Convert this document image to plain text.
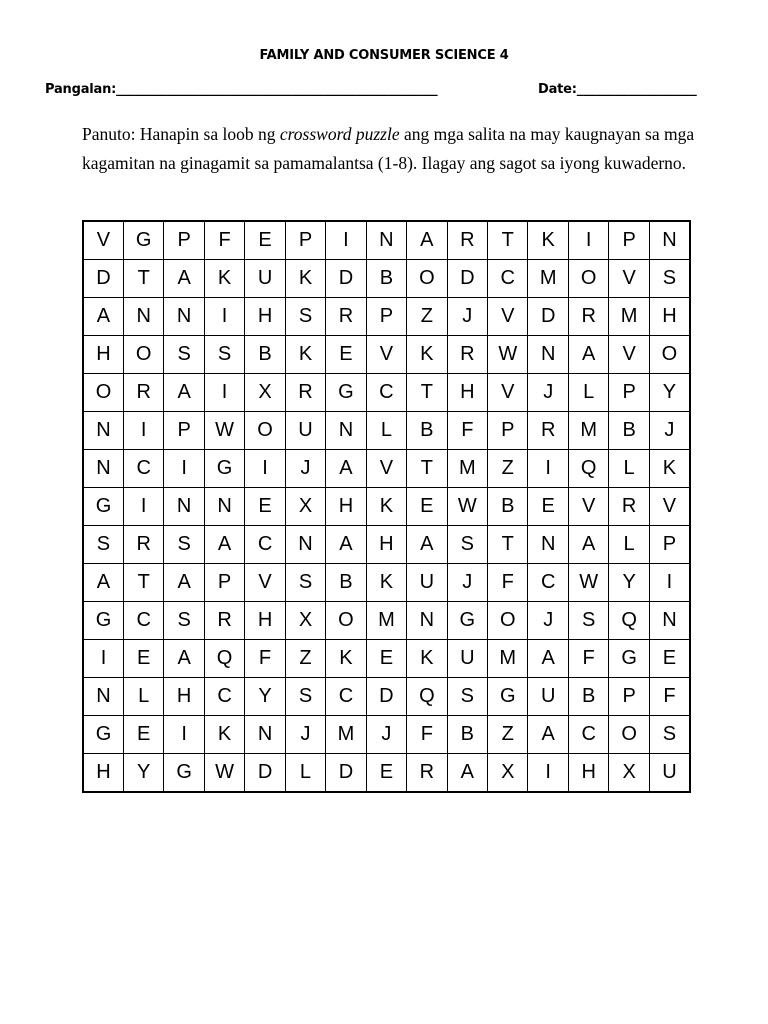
FAMILY AND CONSUMER SCIENCE 4
Pangalan:___________________________________________________	Date:___________________
Panuto: Hanapin sa loob ng crossword puzzle ang mga salita na may kaugnayan sa mga kagamitan na ginagamit sa pamamalantsa (1-8). Ilagay ang sagot sa iyong kuwaderno.
V	G	P	F	E	P	I	N	A	R	T	K	I	P	N
D	T	A	K	U	K	D	B	O	D	C	M	O	V	S
A	N	N	I	H	S	R	P	Z	J	V	D	R	M	H
H	O	S	S	B	K	E	V	K	R	W	N	A	V	O
O	R	A	I	X	R	G	C	T	H	V	J	L	P	Y
N	I	P	W	O	U	N	L	B	F	P	R	M	B	J
N	C	I	G	I	J	A	V	T	M	Z	I	Q	L	K
G	I	N	N	E	X	H	K	E	W	B	E	V	R	V
S	R	S	A	C	N	A	H	A	S	T	N	A	L	P
A	T	A	P	V	S	B	K	U	J	F	C	W	Y	I
G	C	S	R	H	X	O	M	N	G	O	J	S	Q	N
I	E	A	Q	F	Z	K	E	K	U	M	A	F	G	E
N	L	H	C	Y	S	C	D	Q	S	G	U	B	P	F
G	E	I	K	N	J	M	J	F	B	Z	A	C	O	S
H	Y	G	W	D	L	D	E	R	A	X	I	H	X	U
